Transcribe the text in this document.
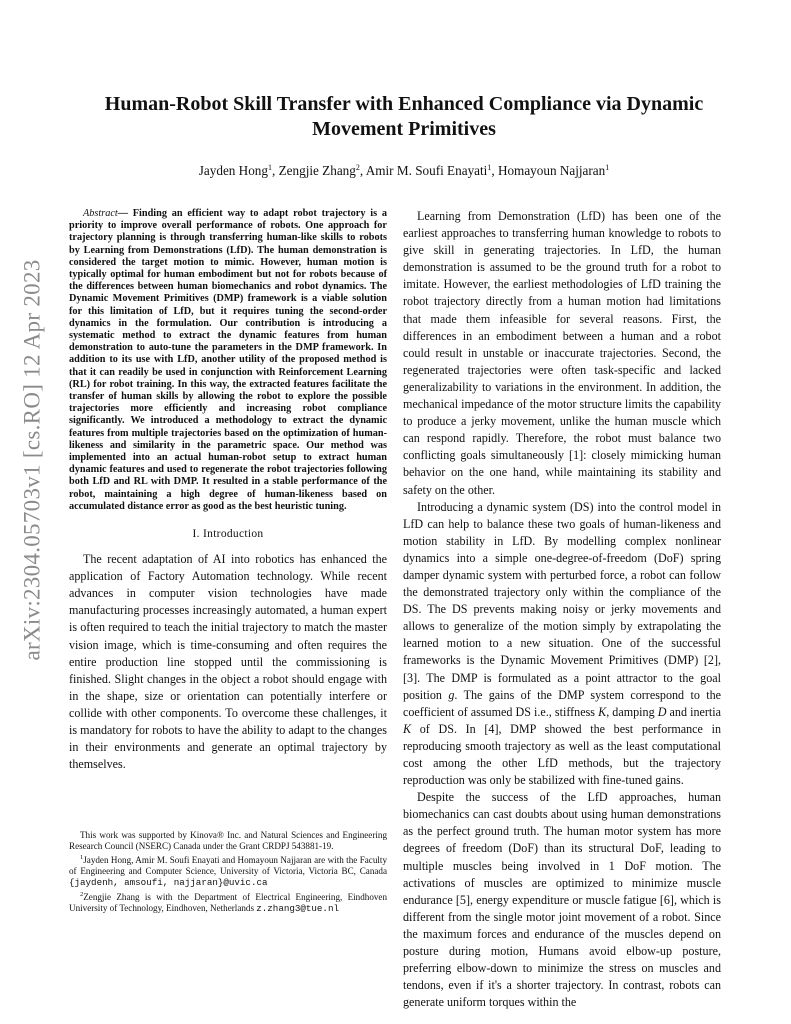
arXiv:2304.05703v1 [cs.RO] 12 Apr 2023
Human-Robot Skill Transfer with Enhanced Compliance via Dynamic Movement Primitives
Jayden Hong$^1$, Zengjie Zhang$^2$, Amir M. Soufi Enayati$^1$, Homayoun Najjaran$^1$

Abstract— Finding an efficient way to adapt robot trajectory is a priority to improve overall performance of robots. One approach for trajectory planning is through transferring human-like skills to robots by Learning from Demonstrations (LfD). The human demonstration is considered the target motion to mimic. However, human motion is typically optimal for human embodiment but not for robots because of the differences between human biomechanics and robot dynamics. The Dynamic Movement Primitives (DMP) framework is a viable solution for this limitation of LfD, but it requires tuning the second-order dynamics in the formulation. Our contribution is introducing a systematic method to extract the dynamic features from human demonstration to auto-tune the parameters in the DMP framework. In addition to its use with LfD, another utility of the proposed method is that it can readily be used in conjunction with Reinforcement Learning (RL) for robot training. In this way, the extracted features facilitate the transfer of human skills by allowing the robot to explore the possible trajectories more efficiently and increasing robot compliance significantly. We introduced a methodology to extract the dynamic features from multiple trajectories based on the optimization of human-likeness and similarity in the parametric space. Our method was implemented into an actual human-robot setup to extract human dynamic features and used to regenerate the robot trajectories following both LfD and RL with DMP. It resulted in a stable performance of the robot, maintaining a high degree of human-likeness based on accumulated distance error as good as the best heuristic tuning.

I. Introduction

The recent adaptation of AI into robotics has enhanced the application of Factory Automation technology. While recent advances in computer vision technologies have made manufacturing processes increasingly automated, a human expert is often required to teach the initial trajectory to match the master vision image, which is time-consuming and often requires the entire production line stopped until the commissioning is finished. Slight changes in the object a robot should engage with in the shape, size or orientation can potentially interfere or collide with other components. To overcome these challenges, it is mandatory for robots to have the ability to adapt to the changes in their environments and generate an optimal trajectory by themselves.

This work was supported by Kinova® Inc. and Natural Sciences and Engineering Research Council (NSERC) Canada under the Grant CRDPJ 543881-19.

$^1$Jayden Hong, Amir M. Soufi Enayati and Homayoun Najjaran are with the Faculty of Engineering and Computer Science, University of Victoria, Victoria BC, Canada {jaydenh, amsoufi, najjaran}@uvic.ca

$^2$Zengjie Zhang is with the Department of Electrical Engineering, Eindhoven University of Technology, Eindhoven, Netherlands z.zhang3@tue.nl

Learning from Demonstration (LfD) has been one of the earliest approaches to transferring human knowledge to robots to give skill in generating trajectories. In LfD, the human demonstration is assumed to be the ground truth for a robot to imitate. However, the earliest methodologies of LfD training the robot trajectory directly from a human motion had limitations that made them infeasible for several reasons. First, the differences in an embodiment between a human and a robot could result in unstable or inaccurate trajectories. Second, the regenerated trajectories were often task-specific and lacked generalizability to variations in the environment. In addition, the mechanical impedance of the motor structure limits the capability to produce a jerky movement, unlike the human muscle which can respond rapidly. Therefore, the robot must balance two conflicting goals simultaneously [1]: closely mimicking human behavior on the one hand, while maintaining its stability and safety on the other.

Introducing a dynamic system (DS) into the control model in LfD can help to balance these two goals of human-likeness and motion stability in LfD. By modelling complex nonlinear dynamics into a simple one-degree-of-freedom (DoF) spring damper dynamic system with perturbed force, a robot can follow the demonstrated trajectory only within the compliance of the DS. The DS prevents making noisy or jerky movements and allows to generalize of the motion simply by extrapolating the learned motion to a new situation. One of the successful frameworks is the Dynamic Movement Primitives (DMP) [2], [3]. The DMP is formulated as a point attractor to the goal position g. The gains of the DMP system correspond to the coefficient of assumed DS i.e., stiffness K, damping D and inertia K of DS. In [4], DMP showed the best performance in reproducing smooth trajectory as well as the least computational cost among the other LfD methods, but the trajectory reproduction was only be stabilized with fine-tuned gains.

Despite the success of the LfD approaches, human biomechanics can cast doubts about using human demonstrations as the perfect ground truth. The human motor system has more degrees of freedom (DoF) than its structural DoF, leading to multiple muscles being involved in 1 DoF motion. The activations of muscles are optimized to minimize muscle endurance [5], energy expenditure or muscle fatigue [6], which is different from the single motor joint movement of a robot. Since the maximum forces and endurance of the muscles depend on posture during motion, Humans avoid elbow-up posture, preferring elbow-down to minimize the stress on muscles and tendons, even if it's a shorter trajectory. In contrast, robots can generate uniform torques within the
